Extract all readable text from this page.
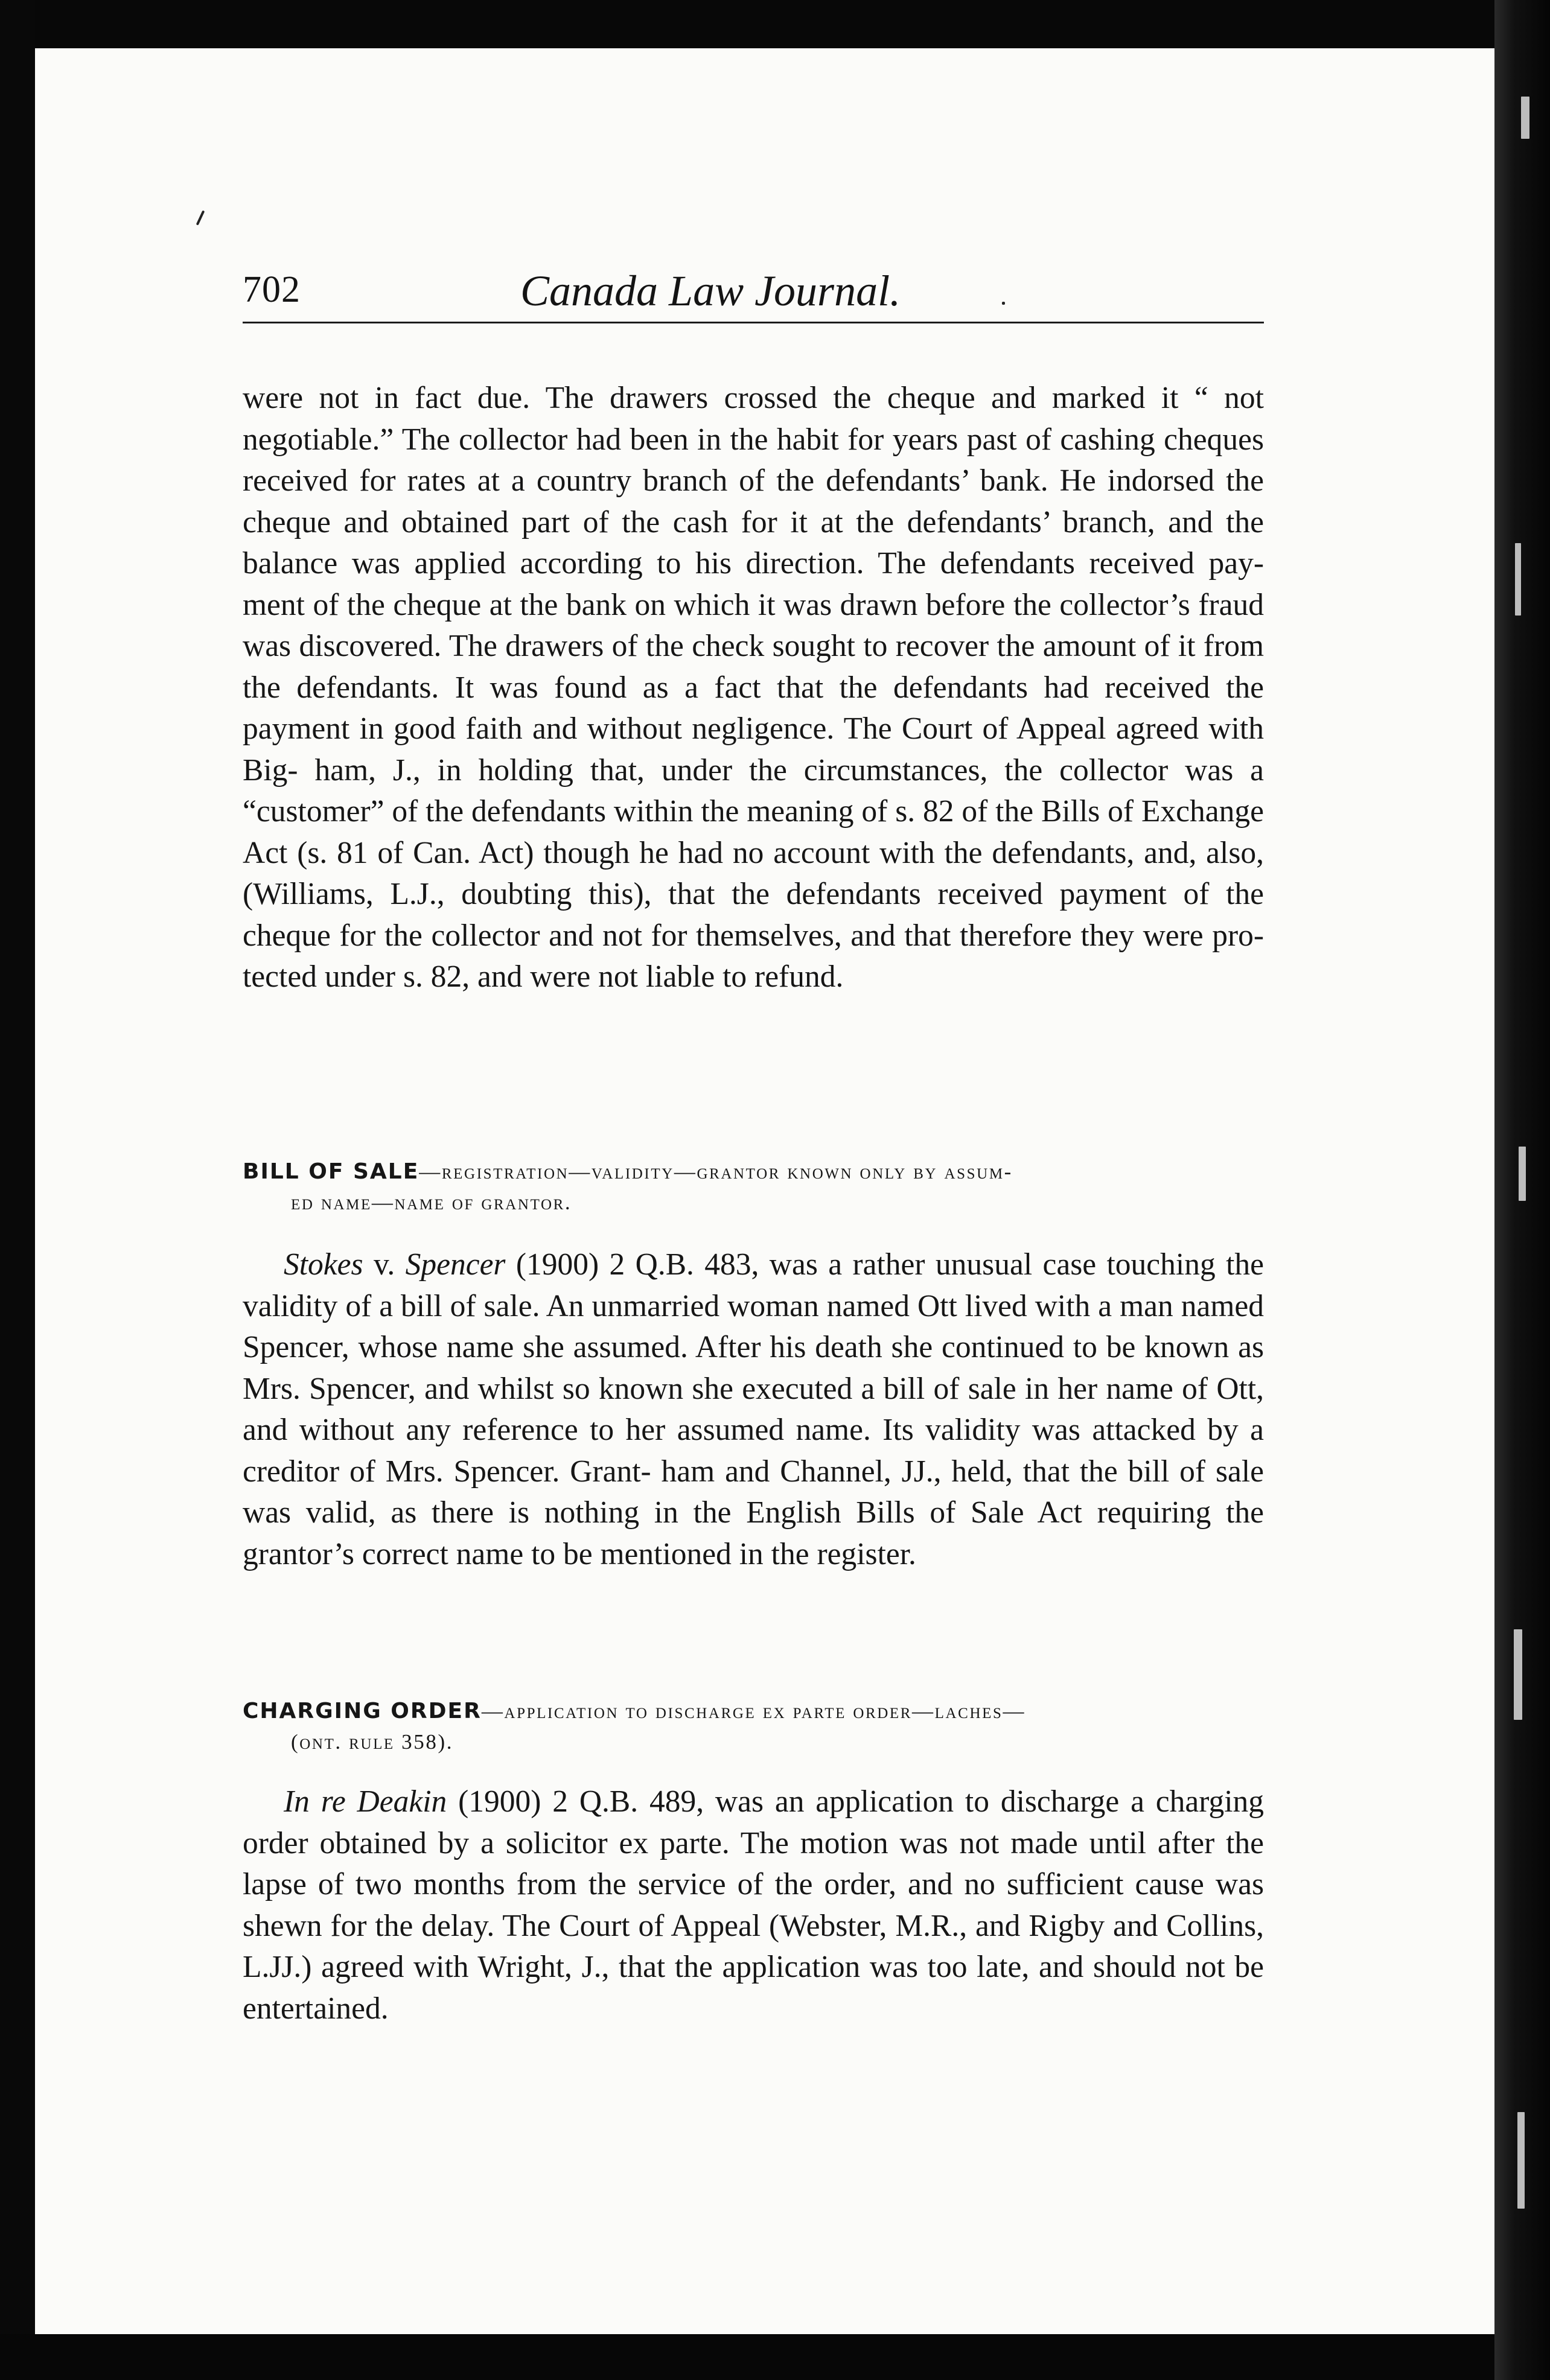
702	Canada Law Journal.

were not in fact due. The drawers crossed the cheque and marked it “ not negotiable.” The collector had been in the habit for years past of cashing cheques received for rates at a country branch of the defendants’ bank. He indorsed the cheque and obtained part of the cash for it at the defendants’ branch, and the balance was applied according to his direction. The defendants received pay- ment of the cheque at the bank on which it was drawn before the collector’s fraud was discovered. The drawers of the check sought to recover the amount of it from the defendants. It was found as a fact that the defendants had received the payment in good faith and without negligence. The Court of Appeal agreed with Big- ham, J., in holding that, under the circumstances, the collector was a “customer” of the defendants within the meaning of s. 82 of the Bills of Exchange Act (s. 81 of Can. Act) though he had no account with the defendants, and, also, (Williams, L.J., doubting this), that the defendants received payment of the cheque for the collector and not for themselves, and that therefore they were pro- tected under s. 82, and were not liable to refund.

BILL OF SALE—registration—validity—grantor known only by assum-
ed name—name of grantor.

Stokes v. Spencer (1900) 2 Q.B. 483, was a rather unusual case touching the validity of a bill of sale. An unmarried woman named Ott lived with a man named Spencer, whose name she assumed. After his death she continued to be known as Mrs. Spencer, and whilst so known she executed a bill of sale in her name of Ott, and without any reference to her assumed name. Its validity was attacked by a creditor of Mrs. Spencer. Grant- ham and Channel, JJ., held, that the bill of sale was valid, as there is nothing in the English Bills of Sale Act requiring the grantor’s correct name to be mentioned in the register.

CHARGING ORDER—application to discharge ex parte order—laches—
(ont. rule 358).

In re Deakin (1900) 2 Q.B. 489, was an application to discharge a charging order obtained by a solicitor ex parte. The motion was not made until after the lapse of two months from the service of the order, and no sufficient cause was shewn for the delay. The Court of Appeal (Webster, M.R., and Rigby and Collins, L.JJ.) agreed with Wright, J., that the application was too late, and should not be entertained.
